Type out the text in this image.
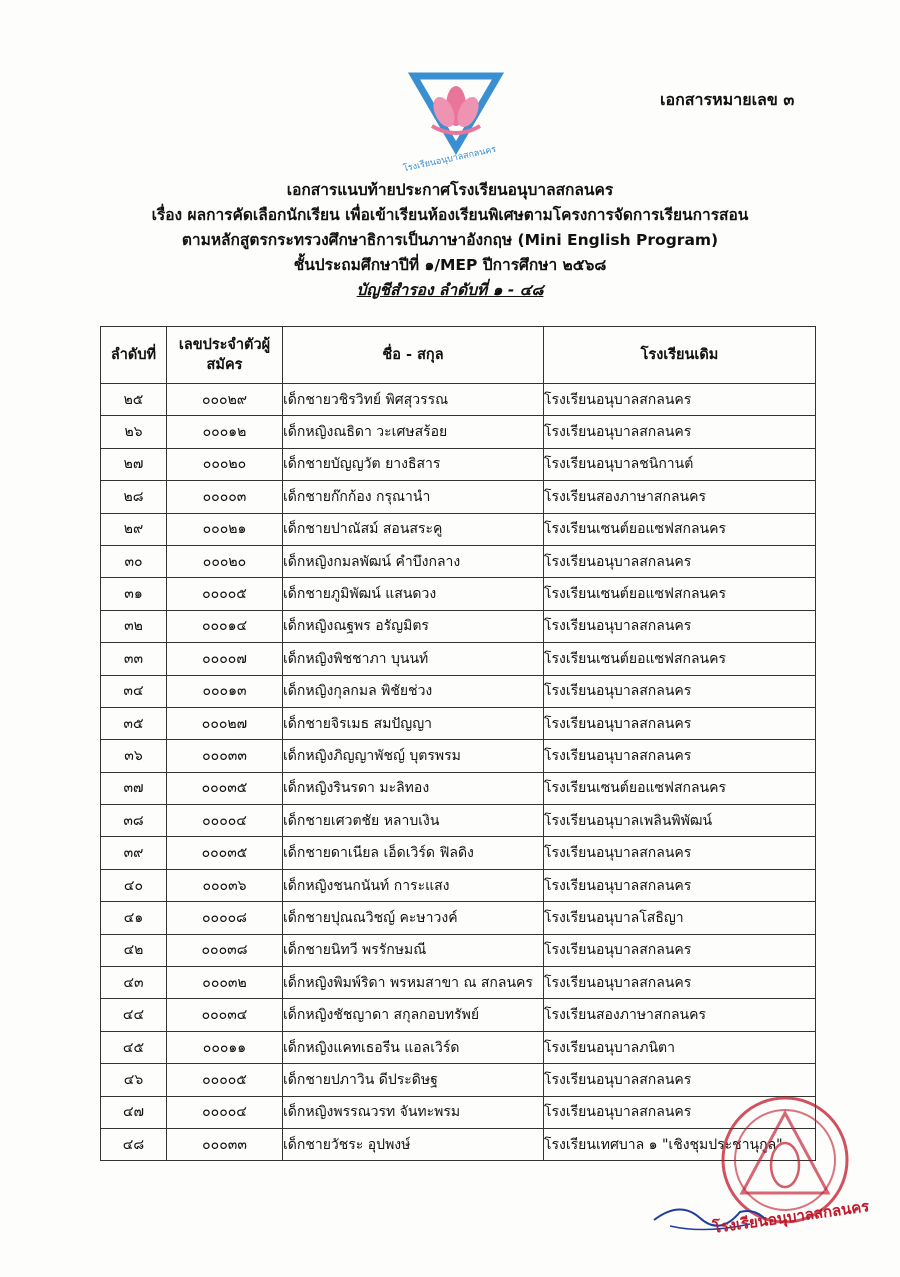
เอกสารหมายเลข ๓
โรงเรียนอนุบาลสกลนคร
เอกสารแนบท้ายประกาศโรงเรียนอนุบาลสกลนคร
เรื่อง ผลการคัดเลือกนักเรียน เพื่อเข้าเรียนห้องเรียนพิเศษตามโครงการจัดการเรียนการสอน
ตามหลักสูตรกระทรวงศึกษาธิการเป็นภาษาอังกฤษ (Mini English Program)
ชั้นประถมศึกษาปีที่ ๑/MEP ปีการศึกษา ๒๕๖๘
บัญชีสำรอง ลำดับที่ ๑ - ๔๘
ลำดับที่	เลขประจำตัวผู้สมัคร	ชื่อ - สกุล	โรงเรียนเดิม
๒๕	๐๐๐๒๙	เด็กชายวชิรวิทย์ พิศสุวรรณ	โรงเรียนอนุบาลสกลนคร
๒๖	๐๐๐๑๒	เด็กหญิงณธิดา วะเศษสร้อย	โรงเรียนอนุบาลสกลนคร
๒๗	๐๐๐๒๐	เด็กชายบัญญวัต ยางธิสาร	โรงเรียนอนุบาลชนิกานต์
๒๘	๐๐๐๐๓	เด็กชายก๊กก้อง กรุณานำ	โรงเรียนสองภาษาสกลนคร
๒๙	๐๐๐๒๑	เด็กชายปาณัสม์ สอนสระคู	โรงเรียนเซนต์ยอแซฟสกลนคร
๓๐	๐๐๐๒๐	เด็กหญิงกมลพัฒน์ คำบึงกลาง	โรงเรียนอนุบาลสกลนคร
๓๑	๐๐๐๐๕	เด็กชายภูมิพัฒน์ แสนดวง	โรงเรียนเซนต์ยอแซฟสกลนคร
๓๒	๐๐๐๑๔	เด็กหญิงณฐพร อรัญมิตร	โรงเรียนอนุบาลสกลนคร
๓๓	๐๐๐๐๗	เด็กหญิงพิชชาภา บุนนท์	โรงเรียนเซนต์ยอแซฟสกลนคร
๓๔	๐๐๐๑๓	เด็กหญิงกุลกมล พิชัยช่วง	โรงเรียนอนุบาลสกลนคร
๓๕	๐๐๐๒๗	เด็กชายจิรเมธ สมปัญญา	โรงเรียนอนุบาลสกลนคร
๓๖	๐๐๐๓๓	เด็กหญิงภิญญาพัชญ์ บุตรพรม	โรงเรียนอนุบาลสกลนคร
๓๗	๐๐๐๓๕	เด็กหญิงรินรดา มะลิทอง	โรงเรียนเซนต์ยอแซฟสกลนคร
๓๘	๐๐๐๐๔	เด็กชายเศวตชัย หลาบเงิน	โรงเรียนอนุบาลเพลินพิพัฒน์
๓๙	๐๐๐๓๕	เด็กชายดาเนียล เอ็ดเวิร์ด ฟิลดิง	โรงเรียนอนุบาลสกลนคร
๔๐	๐๐๐๓๖	เด็กหญิงชนกนันท์ การะแสง	โรงเรียนอนุบาลสกลนคร
๔๑	๐๐๐๐๘	เด็กชายปุณณวิชญ์ คะษาวงค์	โรงเรียนอนุบาลโสธิญา
๔๒	๐๐๐๓๘	เด็กชายนิทวี พรรักษมณี	โรงเรียนอนุบาลสกลนคร
๔๓	๐๐๐๓๒	เด็กหญิงพิมพ์ริดา พรหมสาขา ณ สกลนคร	โรงเรียนอนุบาลสกลนคร
๔๔	๐๐๐๓๔	เด็กหญิงชัชญาดา สกุลกอบทรัพย์	โรงเรียนสองภาษาสกลนคร
๔๕	๐๐๐๑๑	เด็กหญิงแคทเธอรีน แอลเวิร์ด	โรงเรียนอนุบาลภนิตา
๔๖	๐๐๐๐๕	เด็กชายปภาวิน ดีประดิษฐ	โรงเรียนอนุบาลสกลนคร
๔๗	๐๐๐๐๔	เด็กหญิงพรรณวรท จันทะพรม	โรงเรียนอนุบาลสกลนคร
๔๘	๐๐๐๓๓	เด็กชายวัชระ อุปพงษ์	โรงเรียนเทศบาล ๑ "เชิงชุมประชานุกูล"
โรงเรียนอนุบาลสกลนคร
